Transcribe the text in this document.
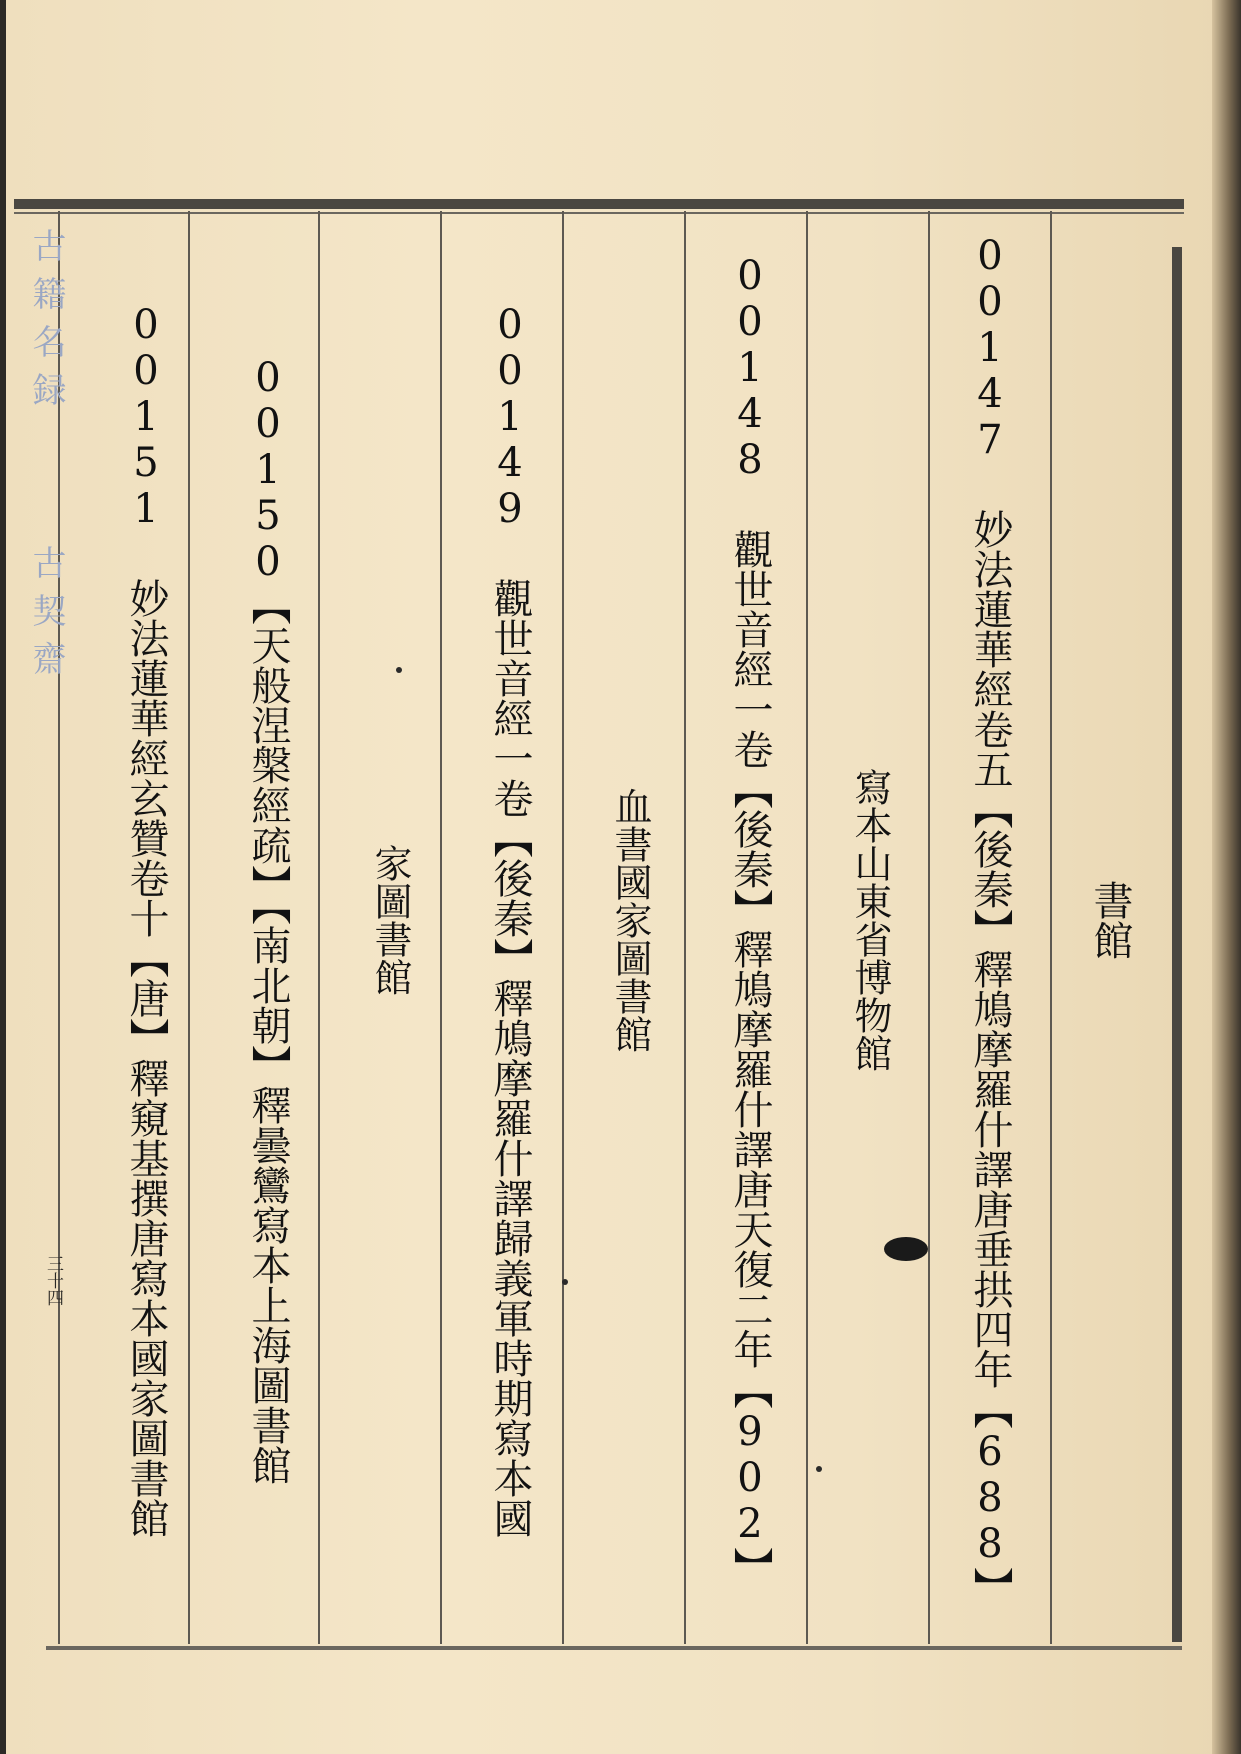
書館
00147 妙法蓮華經卷五【後秦】釋鳩摩羅什譯唐垂拱四年【688】
寫本山東省博物館
00148 觀世音經一卷【後秦】釋鳩摩羅什譯唐天復二年【902】
血書國家圖書館
00149 觀世音經一卷【後秦】釋鳩摩羅什譯歸義軍時期寫本國
家圖書館
00150【天般涅槃經疏】【南北朝】釋曇鸞寫本上海圖書館
00151 妙法蓮華經玄贊卷十【唐】釋窺基撰唐寫本國家圖書館
古籍名録
古契齋
三十四
